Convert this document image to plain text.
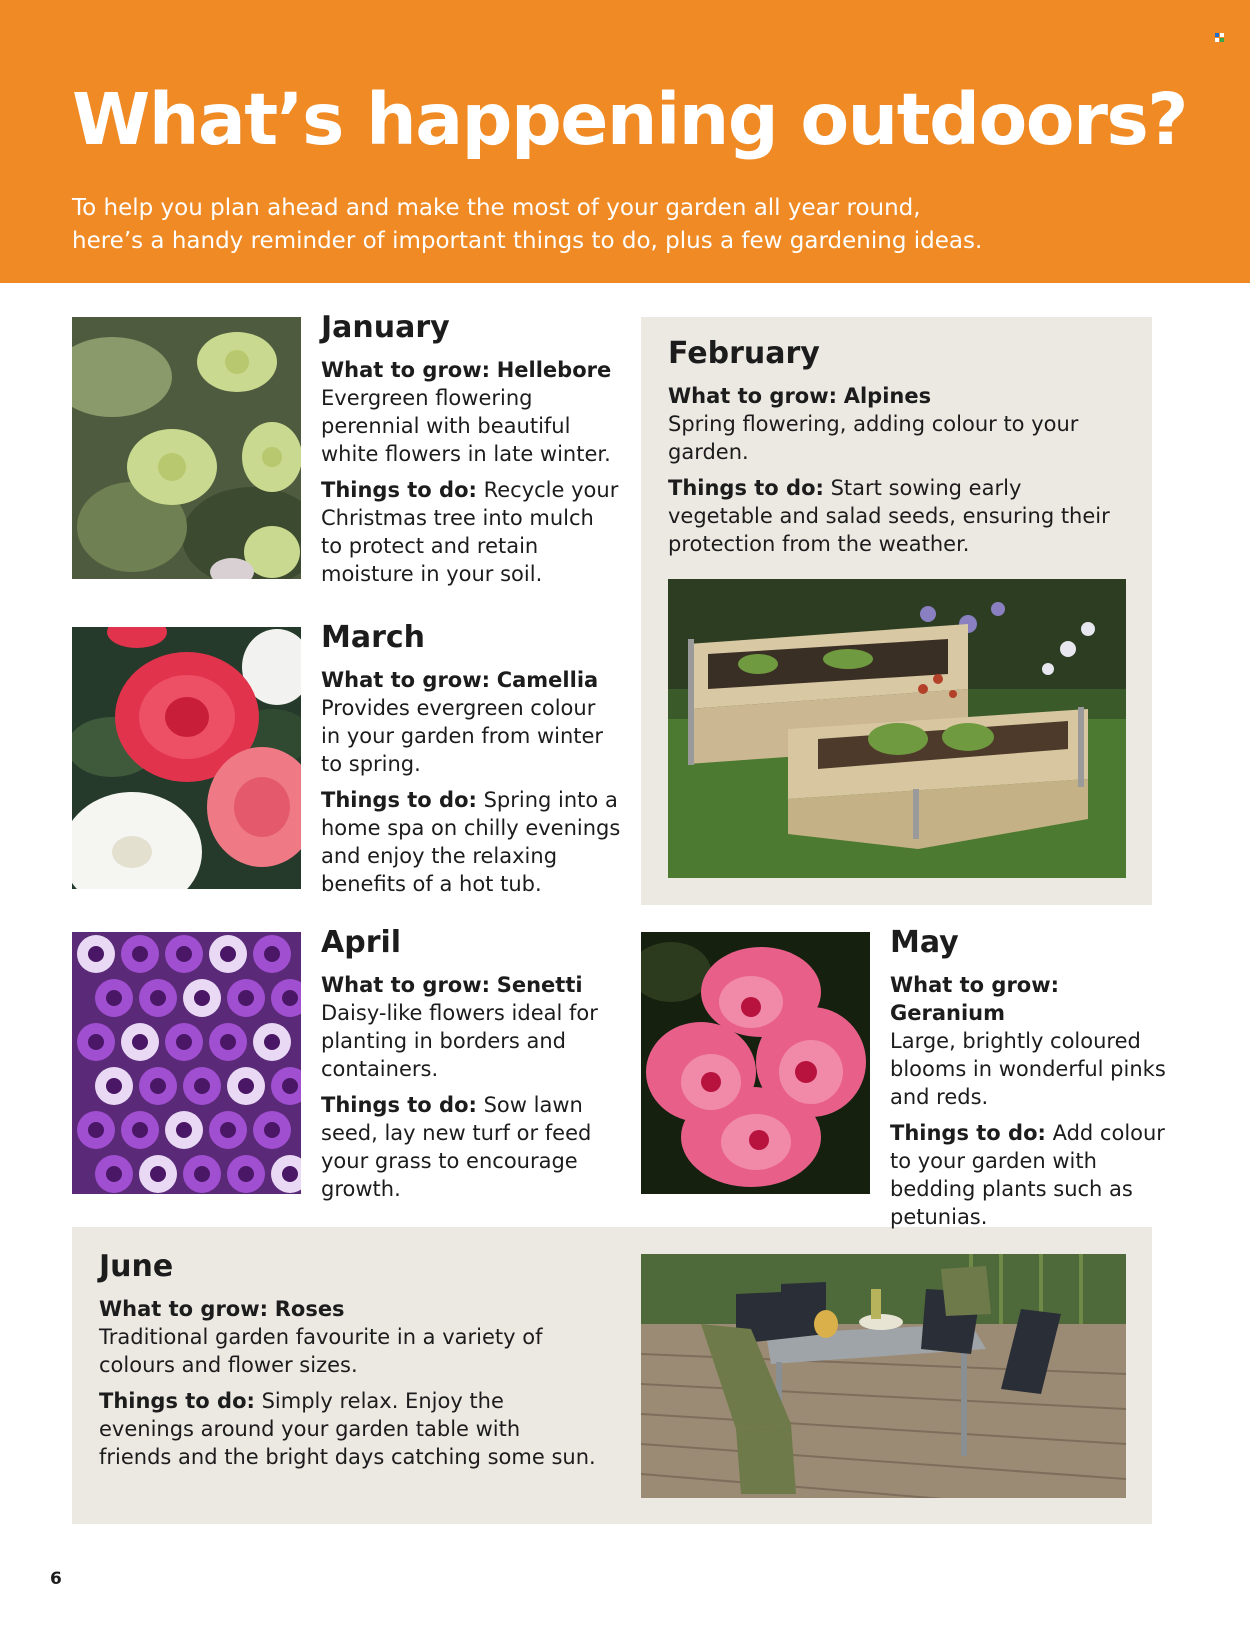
What’s happening outdoors?

To help you plan ahead and make the most of your garden all year round,
here’s a handy reminder of important things to do, plus a few gardening ideas.

January

What to grow: Hellebore
Evergreen flowering perennial with beautiful white flowers in late winter.

Things to do: Recycle your Christmas tree into mulch to protect and retain moisture in your soil.

February

What to grow: Alpines
Spring flowering, adding colour to your garden.

Things to do: Start sowing early vegetable and salad seeds, ensuring their protection from the weather.

March

What to grow: Camellia
Provides evergreen colour in your garden from winter to spring.

Things to do: Spring into a home spa on chilly evenings and enjoy the relaxing benefits of a hot tub.

April

What to grow: Senetti
Daisy-like flowers ideal for planting in borders and containers.

Things to do: Sow lawn seed, lay new turf or feed your grass to encourage growth.

May

What to grow: Geranium
Large, brightly coloured blooms in wonderful pinks and reds.

Things to do: Add colour to your garden with bedding plants such as petunias.

June

What to grow: Roses
Traditional garden favourite in a variety of colours and flower sizes.

Things to do: Simply relax. Enjoy the evenings around your garden table with friends and the bright days catching some sun.

6
